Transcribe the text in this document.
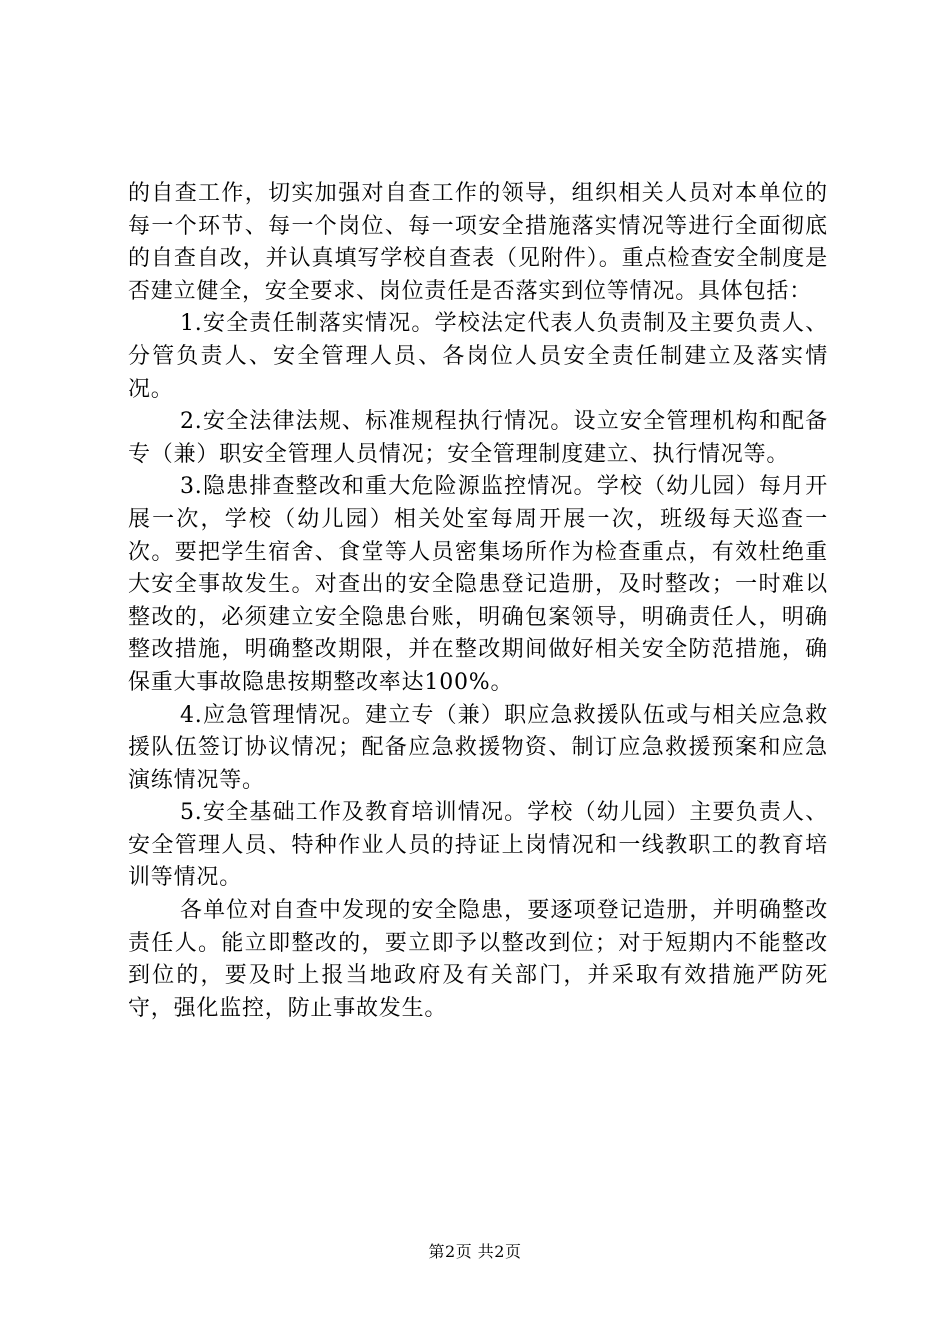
的自查工作，切实加强对自查工作的领导，组织相关人员对本单位的每一个环节、每一个岗位、每一项安全措施落实情况等进行全面彻底的自查自改，并认真填写学校自查表（见附件）。重点检查安全制度是否建立健全，安全要求、岗位责任是否落实到位等情况。具体包括：

1.安全责任制落实情况。学校法定代表人负责制及主要负责人、分管负责人、安全管理人员、各岗位人员安全责任制建立及落实情况。

2.安全法律法规、标准规程执行情况。设立安全管理机构和配备专（兼）职安全管理人员情况；安全管理制度建立、执行情况等。

3.隐患排查整改和重大危险源监控情况。学校（幼儿园）每月开展一次，学校（幼儿园）相关处室每周开展一次，班级每天巡查一次。要把学生宿舍、食堂等人员密集场所作为检查重点，有效杜绝重大安全事故发生。对查出的安全隐患登记造册，及时整改；一时难以整改的，必须建立安全隐患台账，明确包案领导，明确责任人，明确整改措施，明确整改期限，并在整改期间做好相关安全防范措施，确保重大事故隐患按期整改率达100%。

4.应急管理情况。建立专（兼）职应急救援队伍或与相关应急救援队伍签订协议情况；配备应急救援物资、制订应急救援预案和应急演练情况等。

5.安全基础工作及教育培训情况。学校（幼儿园）主要负责人、安全管理人员、特种作业人员的持证上岗情况和一线教职工的教育培训等情况。

各单位对自查中发现的安全隐患，要逐项登记造册，并明确整改责任人。能立即整改的，要立即予以整改到位；对于短期内不能整改到位的，要及时上报当地政府及有关部门，并采取有效措施严防死守，强化监控，防止事故发生。

第2页 共2页
